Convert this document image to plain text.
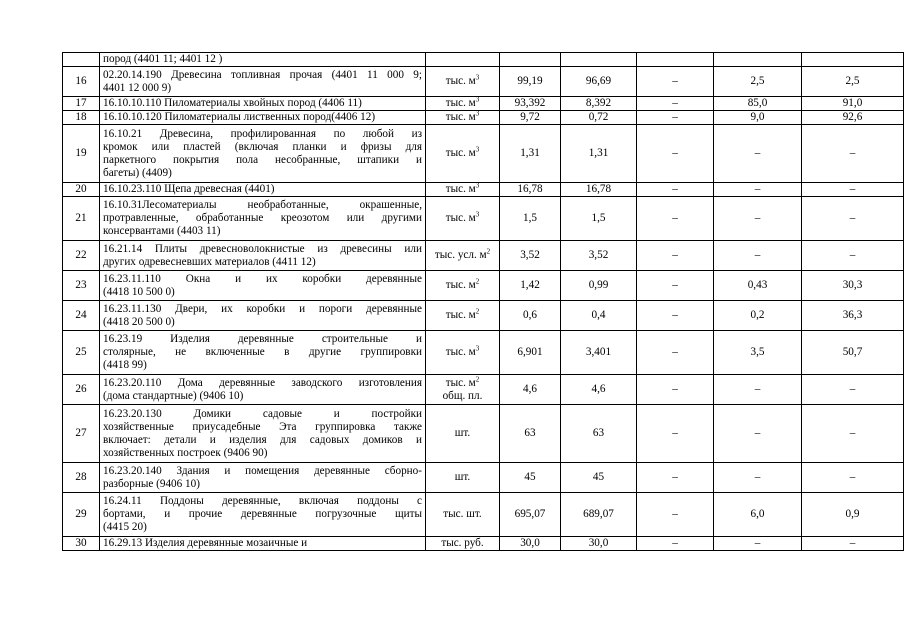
	пород (4401 11; 4401 12 )						

16	02.20.14.190 Древесина топливная прочая (4401 11 000 9;
4401 12 000 9)	тыс. $м^3$	99,19	96,69	–	2,5	2,5
17	16.10.10.110 Пиломатериалы хвойных пород (4406 11)	тыс. $м^3$	93,392	8,392	–	85,0	91,0
18	16.10.10.120 Пиломатериалы лиственных пород(4406 12)	тыс. $м^3$	9,72	0,72	–	9,0	92,6
19	16.10.21 Древесина, профилированная по любой из
кромок или пластей (включая планки и фризы для
паркетного покрытия пола несобранные, штапики и
багеты) (4409)	тыс. $м^3$	1,31	1,31	–	–	–
20	16.10.23.110 Щепа древесная (4401)	тыс. $м^3$	16,78	16,78	–	–	–
21	16.10.31Лесоматериалы необработанные, окрашенные,
протравленные, обработанные креозотом или другими
консервантами (4403 11)	тыс. $м^3$	1,5	1,5	–	–	–
22	16.21.14 Плиты древесноволокнистые из древесины или
других одревесневших материалов (4411 12)	тыс. усл. $м^2$	3,52	3,52	–	–	–
23	16.23.11.110 Окна и их коробки деревянные
(4418 10 500 0)	тыс. $м^2$	1,42	0,99	–	0,43	30,3
24	16.23.11.130 Двери, их коробки и пороги деревянные
(4418 20 500 0)	тыс. $м^2$	0,6	0,4	–	0,2	36,3
25	16.23.19 Изделия деревянные строительные и
столярные, не включенные в другие группировки
(4418 99)	тыс. $м^3$	6,901	3,401	–	3,5	50,7
26	16.23.20.110 Дома деревянные заводского изготовления
(дома стандартные) (9406 10)	тыс. $м^2$
общ. пл.	4,6	4,6	–	–	–
27	16.23.20.130 Домики садовые и постройки
хозяйственные приусадебные Эта группировка также
включает: детали и изделия для садовых домиков и
хозяйственных построек (9406 90)	шт.	63	63	–	–	–
28	16.23.20.140 Здания и помещения деревянные сборно-
разборные (9406 10)	шт.	45	45	–	–	–
29	16.24.11 Поддоны деревянные, включая поддоны с
бортами, и прочие деревянные погрузочные щиты
(4415 20)	тыс. шт.	695,07	689,07	–	6,0	0,9
30	16.29.13 Изделия деревянные мозаичные и	тыс. руб.	30,0	30,0	–	–	–
